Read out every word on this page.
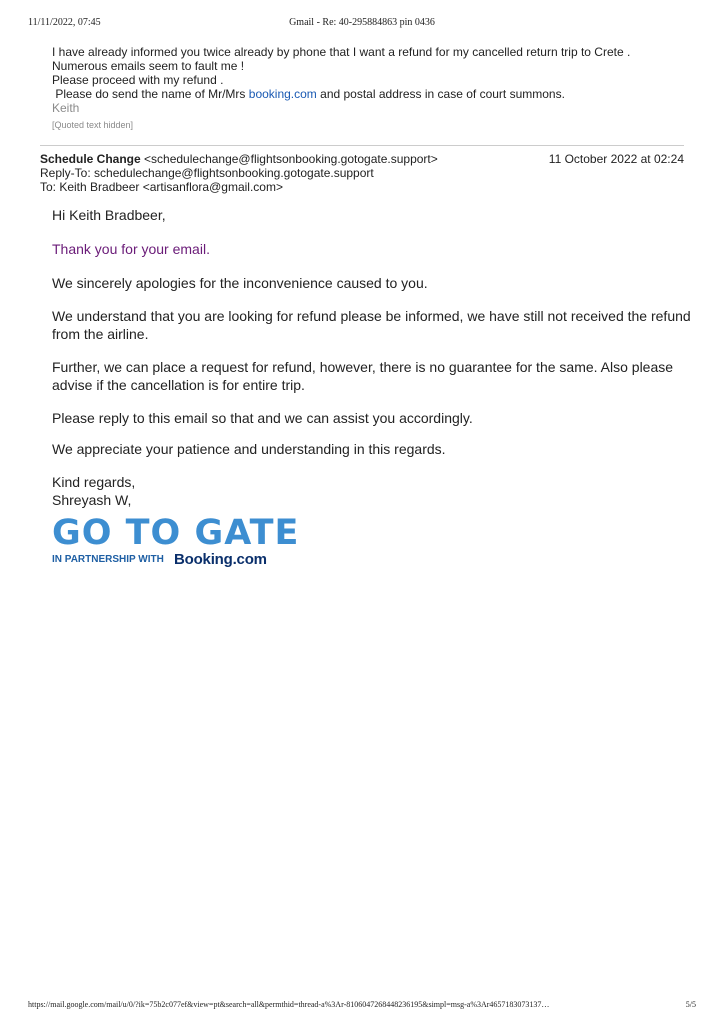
11/11/2022, 07:45	Gmail - Re: 40-295884863 pin 0436
I have already informed you twice already by phone that I want a refund for my cancelled return trip to Crete .
Numerous emails seem to fault me !
Please proceed with my refund .
Please do send the name of Mr/Mrs booking.com and postal address in case of court summons.
Keith
[Quoted text hidden]
Schedule Change <schedulechange@flightsonbooking.gotogate.support>	11 October 2022 at 02:24
Reply-To: schedulechange@flightsonbooking.gotogate.support
To: Keith Bradbeer <artisanflora@gmail.com>

Hi Keith Bradbeer,

Thank you for your email.

We sincerely apologies for the inconvenience caused to you.

We understand that you are looking for refund please be informed, we have still not received the refund from the airline.

Further, we can place a request for refund, however, there is no guarantee for the same. Also please advise if the cancellation is for entire trip.

Please reply to this email so that and we can assist you accordingly.

We appreciate your patience and understanding in this regards.

Kind regards,

Shreyash W,

GO TO GATE
IN PARTNERSHIP WITH Booking.com
https://mail.google.com/mail/u/0/?ik=75b2c077ef&view=pt&search=all&permthid=thread-a%3Ar-8106047268448236195&simpl=msg-a%3Ar4657183073137…	5/5
